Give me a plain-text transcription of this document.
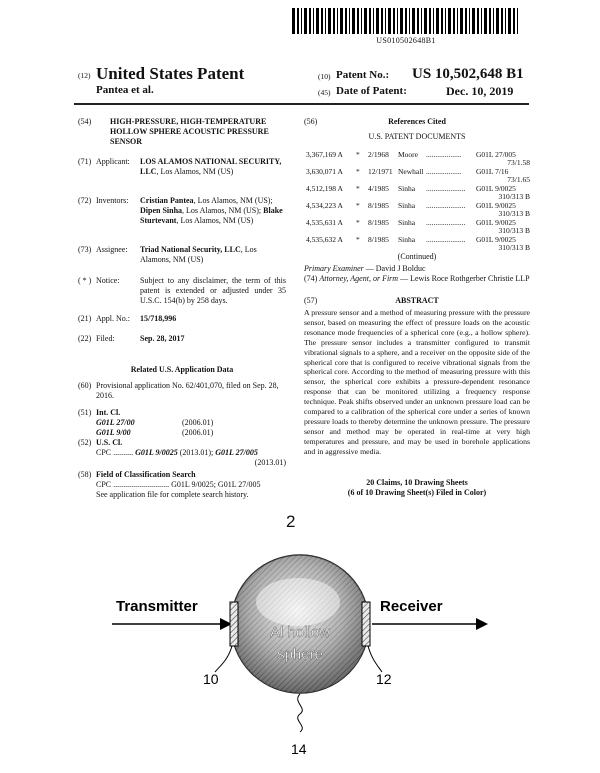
US010502648B1
(12) United States Patent
Pantea et al.
(10) Patent No.: US 10,502,648 B1
(45) Date of Patent:	Dec. 10, 2019
(54) HIGH-PRESSURE, HIGH-TEMPERATURE HOLLOW SPHERE ACOUSTIC PRESSURE SENSOR
(71) Applicant: LOS ALAMOS NATIONAL SECURITY, LLC, Los Alamos, NM (US)
(72) Inventors: Cristian Pantea, Los Alamos, NM (US); Dipen Sinha, Los Alamos, NM (US); Blake Sturtevant, Los Alamos, NM (US)
(73) Assignee: Triad National Security, LLC, Los Alamons, NM (US)
( * ) Notice:	Subject to any disclaimer, the term of this patent is extended or adjusted under 35 U.S.C. 154(b) by 258 days.
(21) Appl. No.: 15/718,996
(22) Filed:	Sep. 28, 2017
Related U.S. Application Data
(60) Provisional application No. 62/401,070, filed on Sep. 28, 2016.
(51) Int. Cl.
G01L 27/00	(2006.01)
G01L 9/00	(2006.01)
(52) U.S. Cl.
CPC .......... G01L 9/0025 (2013.01); G01L 27/005
(2013.01)
(58) Field of Classification Search
CPC ............................ G01L 9/0025; G01L 27/005
See application file for complete search history.
(56)	References Cited
U.S. PATENT DOCUMENTS
3,367,169 A * 2/1968 Moore ................... G01L 27/005
73/1.58
3,630,071 A * 12/1971 Newhall ................... G01L 7/16
73/1.65
4,512,198 A * 4/1985 Sinha ..................... G01L 9/0025
310/313 B
4,534,223 A * 8/1985 Sinha ..................... G01L 9/0025
310/313 B
4,535,631 A * 8/1985 Sinha ..................... G01L 9/0025
310/313 B
4,535,632 A * 8/1985 Sinha ..................... G01L 9/0025
310/313 B
(Continued)
Primary Examiner — David J Bolduc
(74) Attorney, Agent, or Firm — Lewis Roce Rothgerber Christie LLP
(57)	ABSTRACT
A pressure sensor and a method of measuring pressure with the pressure sensor, based on measuring the effect of pressure loads on the acoustic resonance mode frequencies of a spherical core (e.g., a hollow sphere). The pressure sensor includes a transmitter configured to transmit vibrational signals to a sphere, and a receiver on the opposite side of the spherical core that is configured to receive vibrational signals from the spherical core. According to the method of measuring pressure with this sensor, the spherical core exhibits a pressure-dependent resonance response that can be monitored utilizing a frequency response technique. Peak shifts observed under an unknown pressure load can be compared to a calibration of the spherical core under a series of known pressure loads to thereby determine the unknown pressure. The pressure sensor and method may be operated in real-time at very high temperatures and pressure, and may be used in borehole applications and in aggressive media.
20 Claims, 10 Drawing Sheets
(6 of 10 Drawing Sheet(s) Filed in Color)
2
Transmitter	Receiver
Al hollow
sphere
10	12
14
